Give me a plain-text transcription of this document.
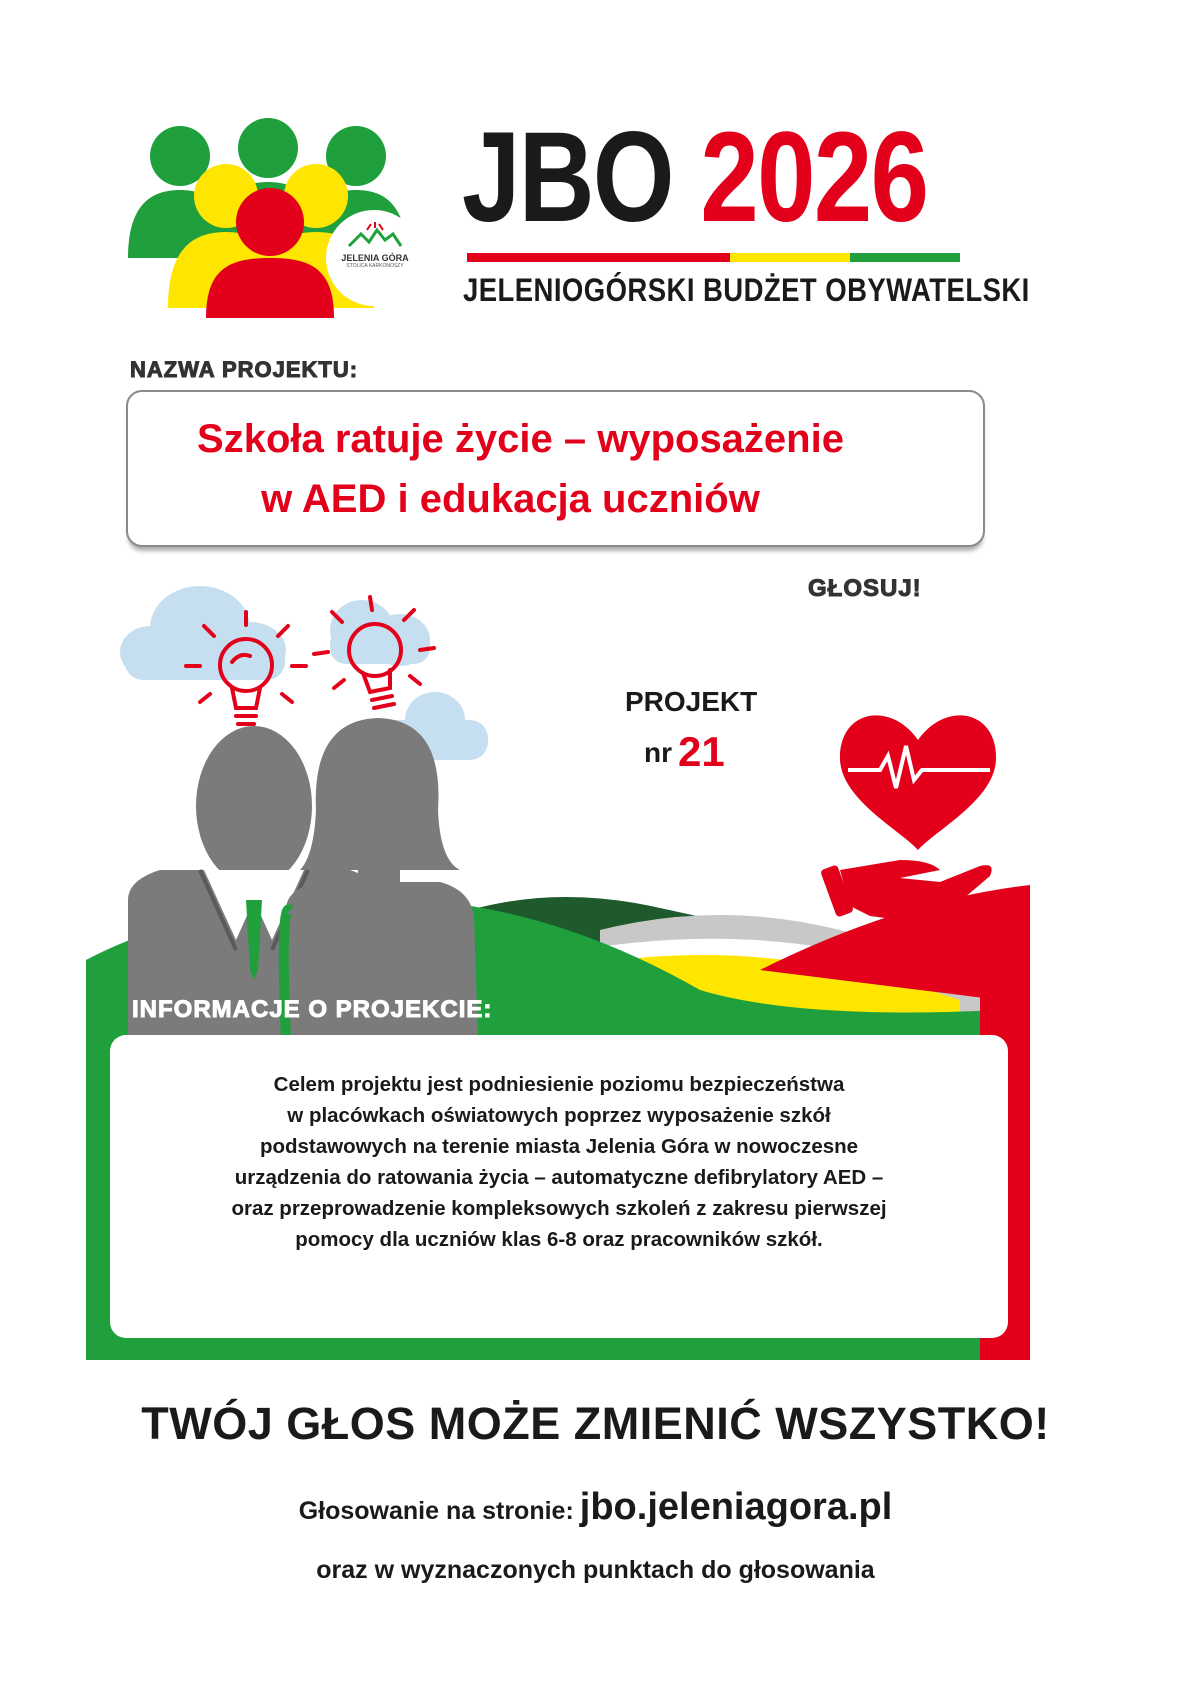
JELENIA GÓRA
STOLICA KARKONOSZY
JBO 2026
JELENIOGÓRSKI BUDŻET OBYWATELSKI
NAZWA PROJEKTU:
Szkoła ratuje życie – wyposażenie
w AED i edukacja uczniów
GŁOSUJ!
PROJEKT
nr 21
INFORMACJE O PROJEKCIE:
Celem projektu jest podniesienie poziomu bezpieczeństwa
w placówkach oświatowych poprzez wyposażenie szkół
podstawowych na terenie miasta Jelenia Góra w nowoczesne
urządzenia do ratowania życia – automatyczne defibrylatory AED –
oraz przeprowadzenie kompleksowych szkoleń z zakresu pierwszej
pomocy dla uczniów klas 6-8 oraz pracowników szkół.
TWÓJ GŁOS MOŻE ZMIENIĆ WSZYSTKO!
Głosowanie na stronie: jbo.jeleniagora.pl
oraz w wyznaczonych punktach do głosowania
